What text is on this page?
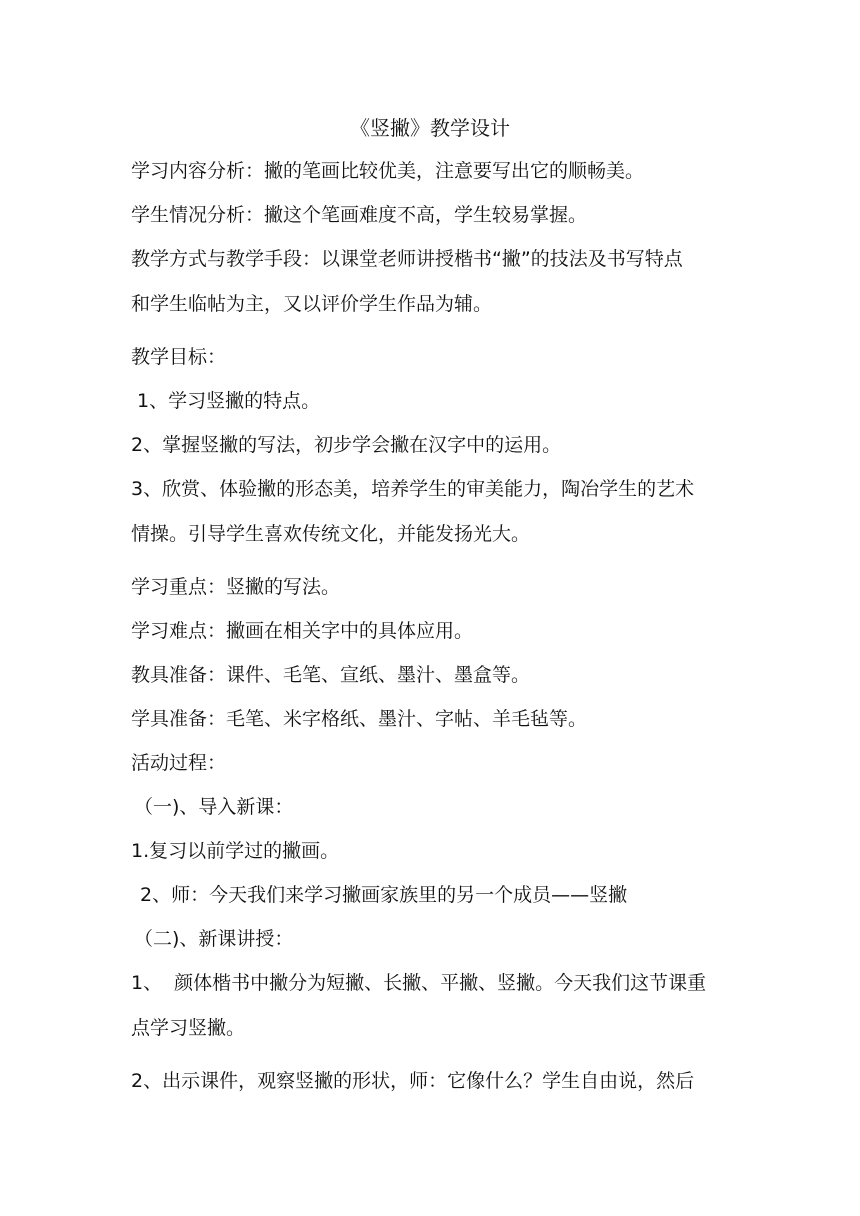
《竖撇》教学设计

学习内容分析：撇的笔画比较优美，注意要写出它的顺畅美。

学生情况分析：撇这个笔画难度不高，学生较易掌握。

教学方式与教学手段：以课堂老师讲授楷书“撇”的技法及书写特点
和学生临帖为主，又以评价学生作品为辅。

教学目标：

1、学习竖撇的特点。

2、掌握竖撇的写法，初步学会撇在汉字中的运用。

3、欣赏、体验撇的形态美，培养学生的审美能力，陶冶学生的艺术
情操。引导学生喜欢传统文化，并能发扬光大。

学习重点：竖撇的写法。

学习难点：撇画在相关字中的具体应用。

教具准备：课件、毛笔、宣纸、墨汁、墨盒等。

学具准备：毛笔、米字格纸、墨汁、字帖、羊毛毡等。

活动过程：

（一)、导入新课：

1.复习以前学过的撇画。

2、师：今天我们来学习撇画家族里的另一个成员——竖撇

（二)、新课讲授：

1、  颜体楷书中撇分为短撇、长撇、平撇、竖撇。今天我们这节课重
点学习竖撇。

2、出示课件，观察竖撇的形状，师：它像什么？学生自由说，然后
